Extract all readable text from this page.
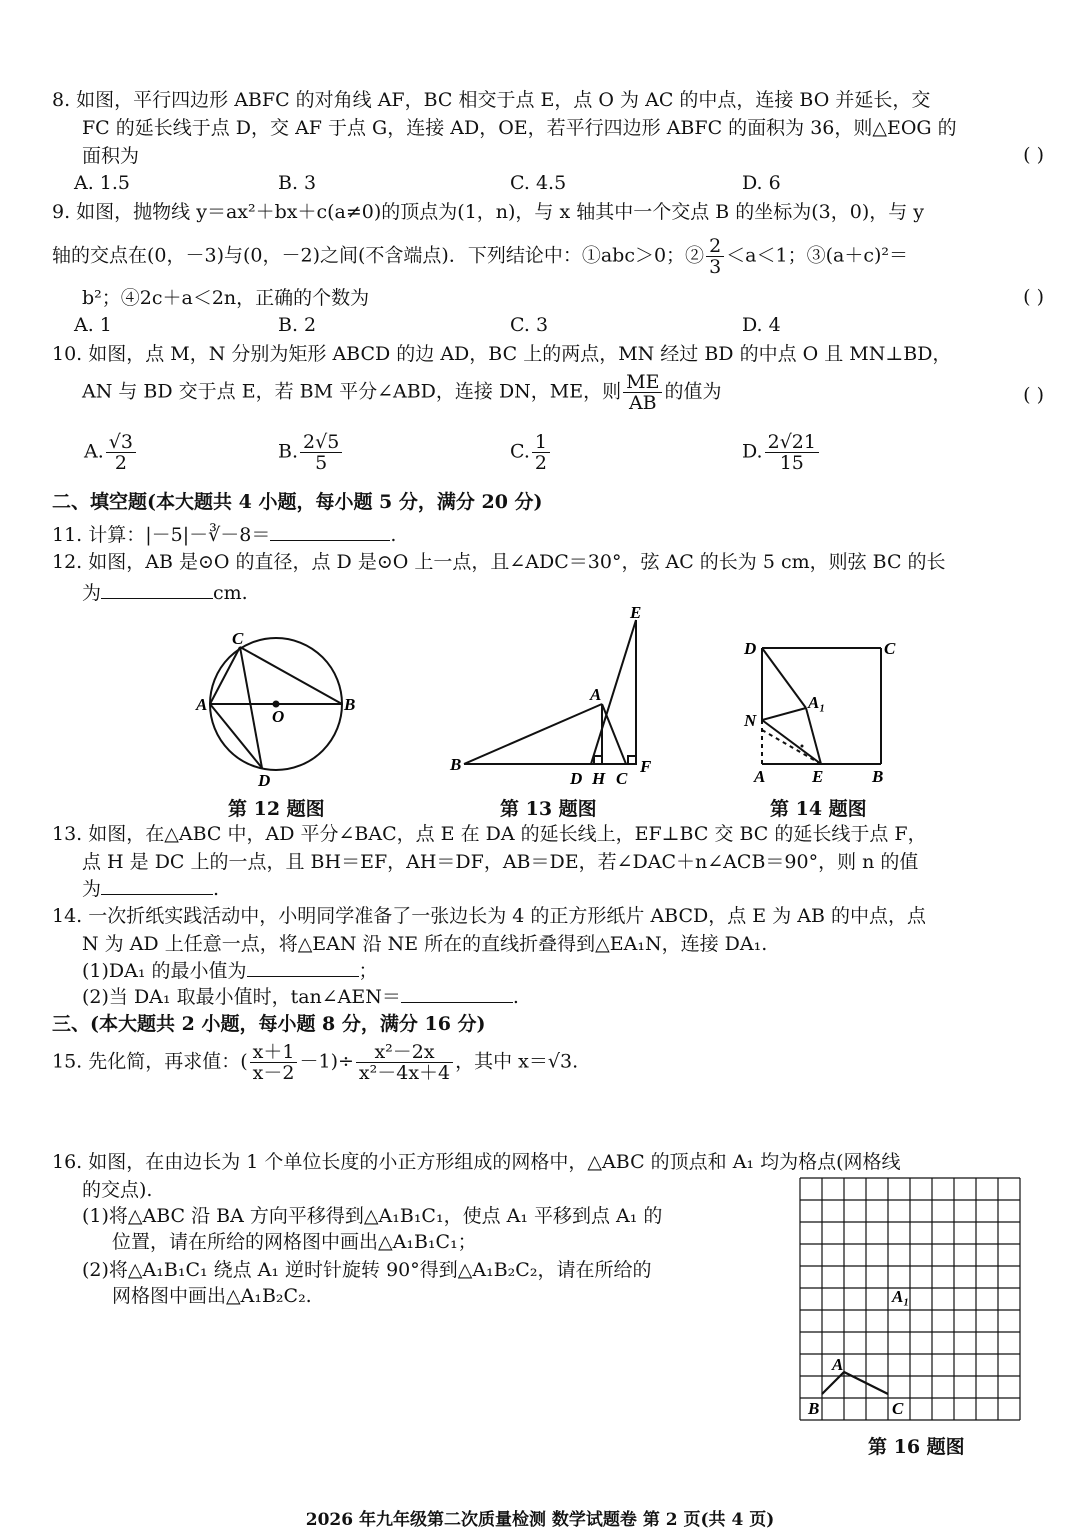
8. 如图，平行四边形 ABFC 的对角线 AF，BC 相交于点 E，点 O 为 AC 的中点，连接 BO 并延长，交
FC 的延长线于点 D，交 AF 于点 G，连接 AD，OE，若平行四边形 ABFC 的面积为 36，则△EOG 的
面积为	( )
A. 1.5	B. 3	C. 4.5	D. 6
9. 如图，抛物线 y＝ax²＋bx＋c(a≠0)的顶点为(1，n)，与 x 轴其中一个交点 B 的坐标为(3，0)，与 y
轴的交点在(0，－3)与(0，－2)之间(不含端点)．下列结论中：①abc＞0；② $\frac{2}{3} <a<1$；③(a＋c)²＝
b²；④2c＋a＜2n，正确的个数为	( )
A. 1	B. 2	C. 3	D. 4
10. 如图，点 M，N 分别为矩形 ABCD 的边 AD，BC 上的两点，MN 经过 BD 的中点 O 且 MN⊥BD，
AN 与 BD 交于点 E，若 BM 平分∠ABD，连接 DN，ME，则 $\frac{ME}{AB}$ 的值为	( )
A. $\frac{√3}{2}$	B. $\frac{2√5}{5}$	C. $\frac{1}{2}$	D. $\frac{2√21}{15}$
二、填空题(本大题共 4 小题，每小题 5 分，满分 20 分)
11. 计算：|－5|－∛－8＝	.
12. 如图，AB 是⊙O 的直径，点 D 是⊙O 上一点，且∠ADC＝30°，弦 AC 的长为 5 cm，则弦 BC 的长
为	cm.
C
A
O
B
D
E
A
B
D H C
F
D	C
A₁
N
A	E	B
第 12 题图	第 13 题图	第 14 题图
13. 如图，在△ABC 中，AD 平分∠BAC，点 E 在 DA 的延长线上，EF⊥BC 交 BC 的延长线于点 F，
点 H 是 DC 上的一点，且 BH＝EF，AH＝DF，AB＝DE，若∠DAC＋n∠ACB＝90°，则 n 的值
为	.
14. 一次折纸实践活动中，小明同学准备了一张边长为 4 的正方形纸片 ABCD，点 E 为 AB 的中点，点
N 为 AD 上任意一点，将△EAN 沿 NE 所在的直线折叠得到△EA₁N，连接 DA₁.
(1)DA₁ 的最小值为	；
(2)当 DA₁ 取最小值时，tan∠AEN＝	.
三、(本大题共 2 小题，每小题 8 分，满分 16 分)
15. 先化简，再求值：( $\frac{x+1}{x-2} -1)\div \frac{\text{x²－2x}}{\text{x²－4x＋4}}$ ，其中 x＝√3.
16. 如图，在由边长为 1 个单位长度的小正方形组成的网格中，△ABC 的顶点和 A₁ 均为格点(网格线
的交点).
(1)将△ABC 沿 BA 方向平移得到△A₁B₁C₁，使点 A₁ 平移到点 A₁ 的
位置，请在所给的网格图中画出△A₁B₁C₁；
(2)将△A₁B₁C₁ 绕点 A₁ 逆时针旋转 90°得到△A₁B₂C₂，请在所给的
网格图中画出△A₁B₂C₂.	A₁
A
B	C
第 16 题图
2026 年九年级第二次质量检测 数学试题卷 第 2 页(共 4 页)
